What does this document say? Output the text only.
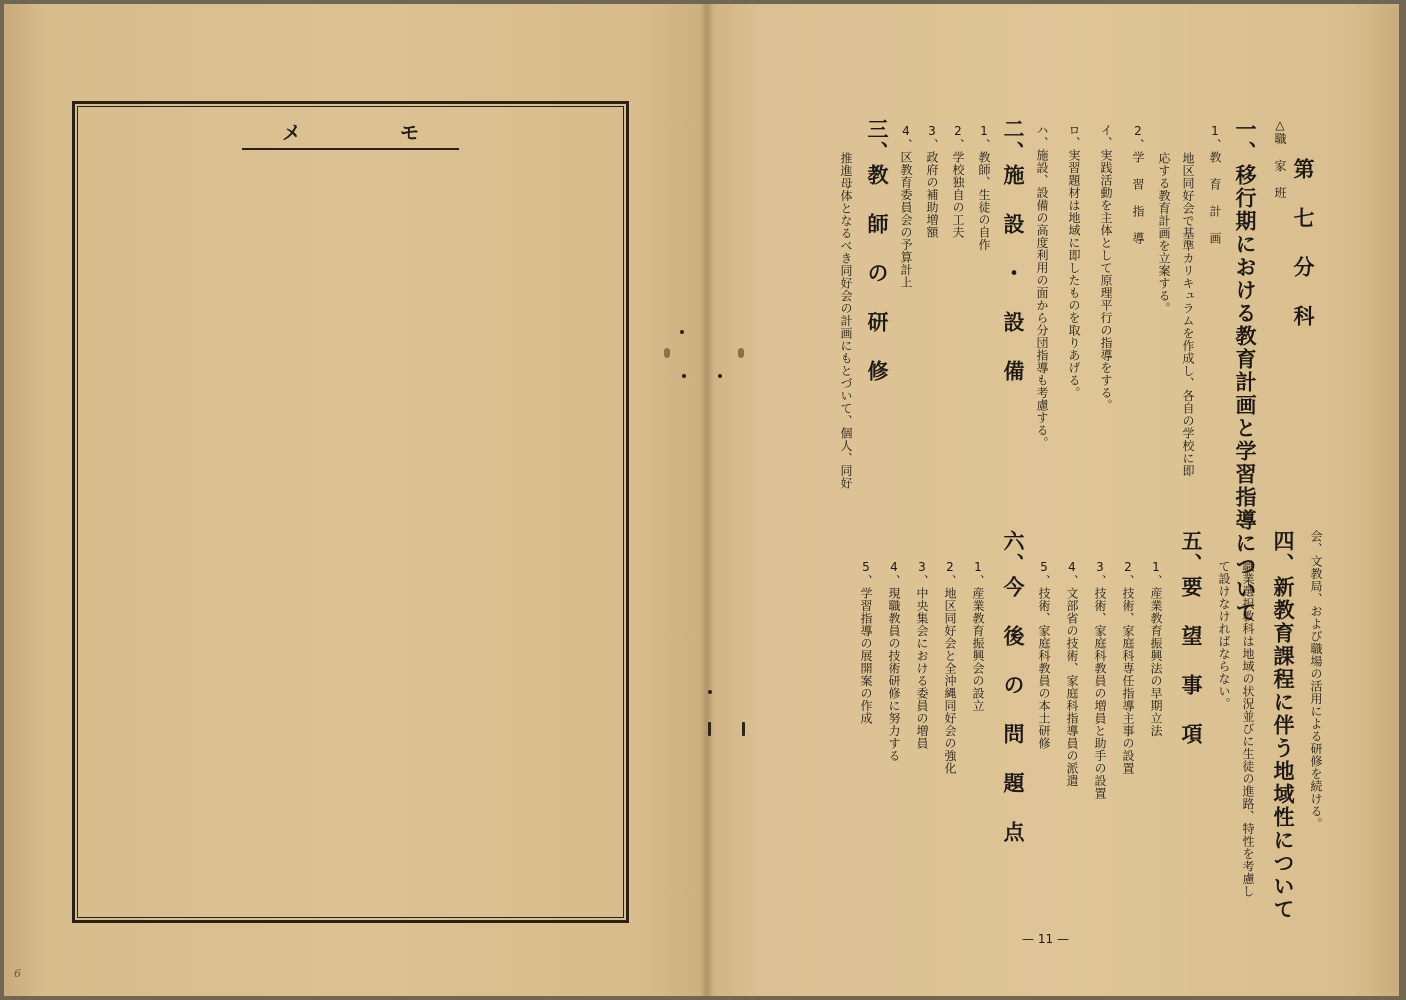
メ　モ
6
第 七 分 科
△職 家 班
一、移行期における教育計画と学習指導について
1、教 育 計 画
地区同好会で基準カリキュラムを作成し、各自の学校に即
応する教育計画を立案する。
2、学 習 指 導
イ、実践活動を主体として原理平行の指導をする。
ロ、実習題材は地域に即したものを取りあげる。
ハ、施設、設備の高度利用の面から分団指導も考慮する。
二、施 設 ・ 設 備
1、教師、生徒の自作
2、学校独自の工夫
3、政府の補助増額
4、区教育委員会の予算計上
三、教 師 の 研 修
推進母体となるべき同好会の計画にもとづいて、個人、同好
会、文教局、および職場の活用による研修を続ける。
四、新教育課程に伴う地域性について
職業選択教科は地域の状況並びに生徒の進路、特性を考慮し
て設けなければならない。
五、要 望 事 項
1、産業教育振興法の早期立法
2、技術、家庭科専任指導主事の設置
3、技術、家庭科教員の増員と助手の設置
4、文部省の技術、家庭科指導員の派遣
5、技術、家庭科教員の本土研修
六、今 後 の 問 題 点
1、産業教育振興会の設立
2、地区同好会と全沖縄同好会の強化
3、中央集会における委員の増員
4、現職教員の技術研修に努力する
5、学習指導の展開案の作成
— 11 —
